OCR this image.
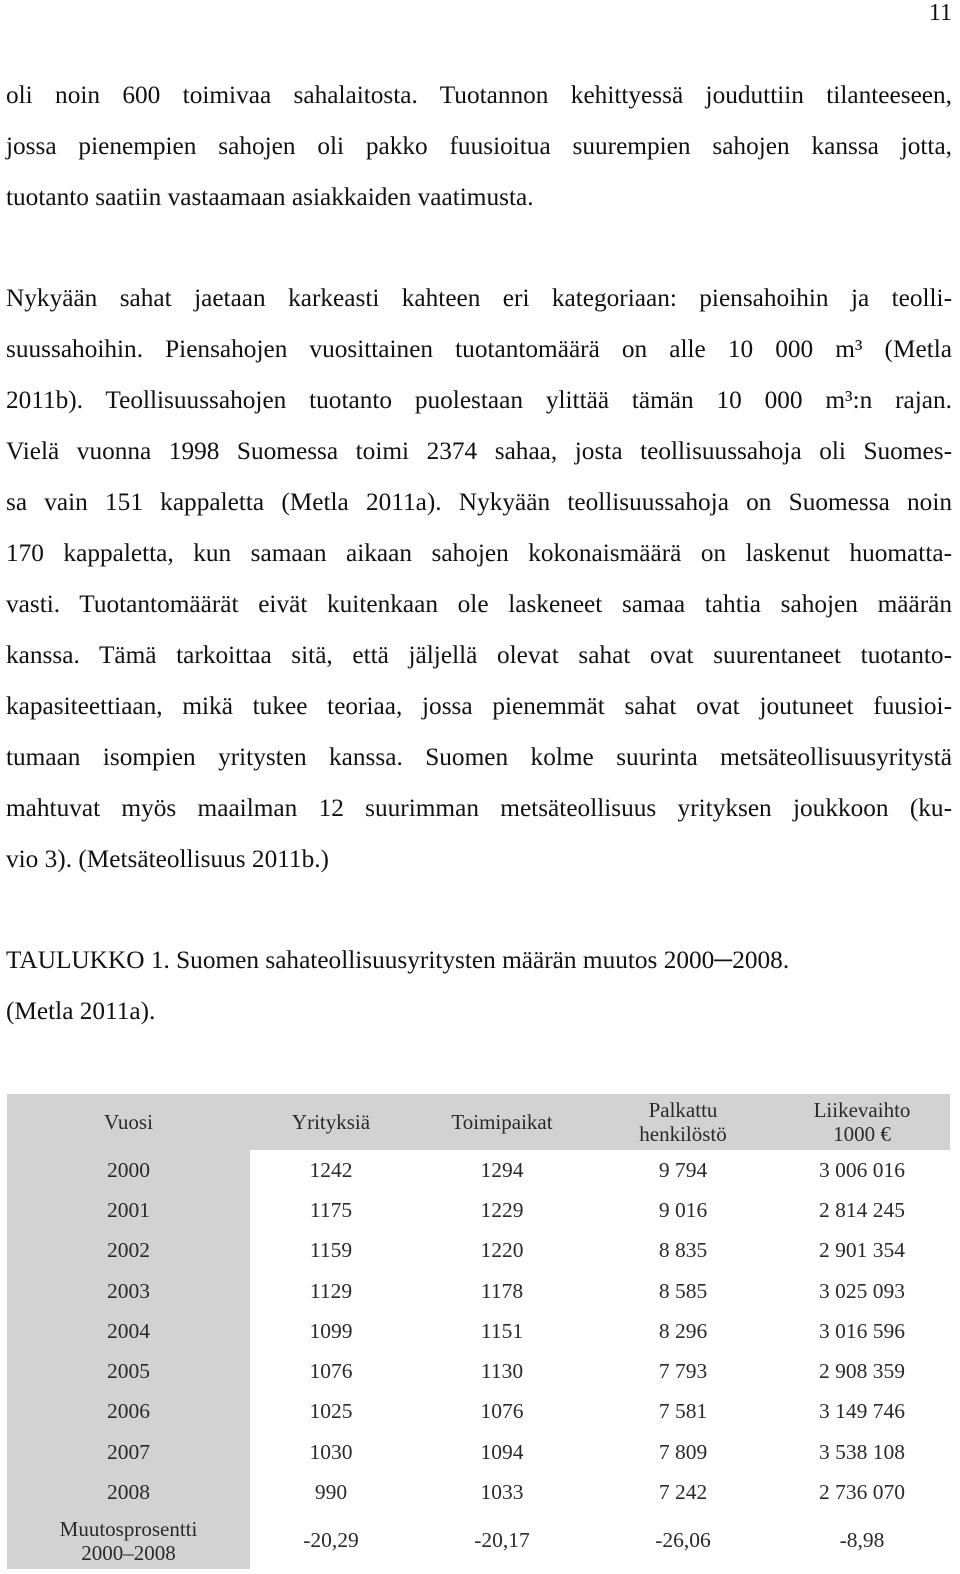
11
oli noin 600 toimivaa sahalaitosta. Tuotannon kehittyessä jouduttiin tilanteeseen,
jossa pienempien sahojen oli pakko fuusioitua suurempien sahojen kanssa jotta,
tuotanto saatiin vastaamaan asiakkaiden vaatimusta.
Nykyään sahat jaetaan karkeasti kahteen eri kategoriaan: piensahoihin ja teolli-
suussahoihin. Piensahojen vuosittainen tuotantomäärä on alle 10 000 m³ (Metla
2011b). Teollisuussahojen tuotanto puolestaan ylittää tämän 10 000 m³:n rajan.
Vielä vuonna 1998 Suomessa toimi 2374 sahaa, josta teollisuussahoja oli Suomes-
sa vain 151 kappaletta (Metla 2011a). Nykyään teollisuussahoja on Suomessa noin
170 kappaletta, kun samaan aikaan sahojen kokonaismäärä on laskenut huomatta-
vasti. Tuotantomäärät eivät kuitenkaan ole laskeneet samaa tahtia sahojen määrän
kanssa. Tämä tarkoittaa sitä, että jäljellä olevat sahat ovat suurentaneet tuotanto-
kapasiteettiaan, mikä tukee teoriaa, jossa pienemmät sahat ovat joutuneet fuusioi-
tumaan isompien yritysten kanssa. Suomen kolme suurinta metsäteollisuusyritystä
mahtuvat myös maailman 12 suurimman metsäteollisuus yrityksen joukkoon (ku-
vio 3). (Metsäteollisuus 2011b.)
TAULUKKO 1. Suomen sahateollisuusyritysten määrän muutos 2000─2008.
(Metla 2011a).
Vuosi	Yrityksiä	Toimipaikat	Palkattu
henkilöstö	Liikevaihto
1000 €

2000	1242	1294	9 794	3 006 016
2001	1175	1229	9 016	2 814 245
2002	1159	1220	8 835	2 901 354
2003	1129	1178	8 585	3 025 093
2004	1099	1151	8 296	3 016 596
2005	1076	1130	7 793	2 908 359
2006	1025	1076	7 581	3 149 746
2007	1030	1094	7 809	3 538 108
2008	990	1033	7 242	2 736 070

Muutosprosentti
2000–2008	-20,29	-20,17	-26,06	-8,98
